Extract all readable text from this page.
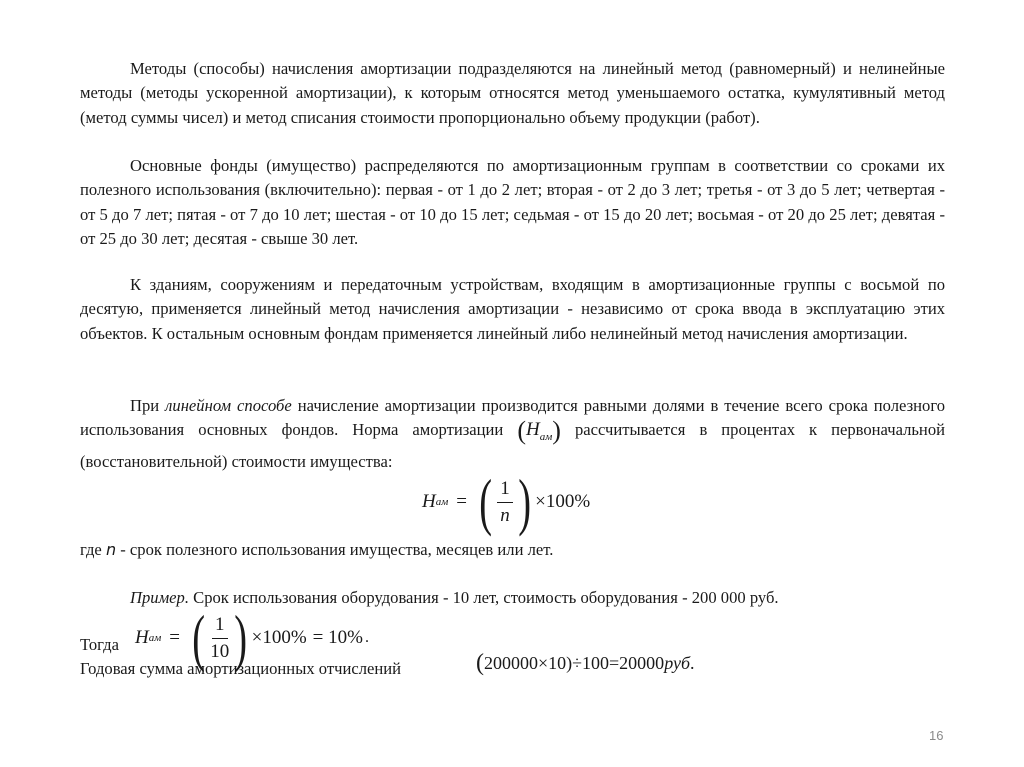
Методы (способы) начисления амортизации подразделяются на линейный метод (равномерный) и нелинейные методы (методы ускоренной амортизации), к которым относятся метод уменьшаемого остатка, кумулятивный метод (метод суммы чисел) и метод списания стоимости пропорционально объему продукции (работ).

Основные фонды (имущество) распределяются по амортизационным группам в соответствии со сроками их полезного использования (включительно): первая - от 1 до 2 лет; вторая - от 2 до 3 лет; третья - от 3 до 5 лет; четвертая - от 5 до 7 лет; пятая - от 7 до 10 лет; шестая - от 10 до 15 лет; седьмая - от 15 до 20 лет; восьмая - от 20 до 25 лет; девятая - от 25 до 30 лет; десятая - свыше 30 лет.

К зданиям, сооружениям и передаточным устройствам, входящим в амортизационные группы с восьмой по десятую, применяется линейный метод начисления амортизации - независимо от срока ввода в эксплуатацию этих объектов. К остальным основным фондам применяется линейный либо нелинейный метод начисления амортизации.

При линейном способе начисление амортизации производится равными долями в течение всего срока полезного использования основных фондов. Норма амортизации $(Н_{ам})$ рассчитывается в процентах к первоначальной (восстановительной) стоимости имущества:

Н ам = ( $\frac{1}{n}$ ) ×100%
где n - срок полезного использования имущества, месяцев или лет.
Пример. Срок использования оборудования - 10 лет, стоимость оборудования - 200 000 руб.
Тогда Н ам = ( $\frac{1}{10}$ ) ×100% = 10% .
Годовая сумма амортизационных отчислений	( 200000×10)÷100=20000 руб .
16
